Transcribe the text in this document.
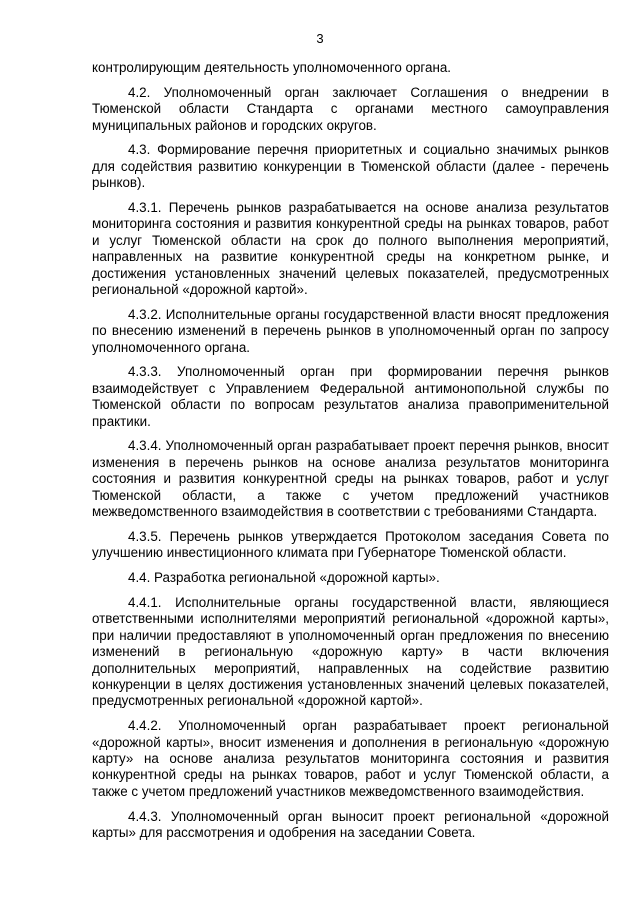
3

контролирующим деятельность уполномоченного органа.

4.2. Уполномоченный орган заключает Соглашения о внедрении в Тюменской области Стандарта с органами местного самоуправления муниципальных районов и городских округов.

4.3. Формирование перечня приоритетных и социально значимых рынков для содействия развитию конкуренции в Тюменской области (далее - перечень рынков).

4.3.1. Перечень рынков разрабатывается на основе анализа результатов мониторинга состояния и развития конкурентной среды на рынках товаров, работ и услуг Тюменской области на срок до полного выполнения мероприятий, направленных на развитие конкурентной среды на конкретном рынке, и достижения установленных значений целевых показателей, предусмотренных региональной «дорожной картой».

4.3.2. Исполнительные органы государственной власти вносят предложения по внесению изменений в перечень рынков в уполномоченный орган по запросу уполномоченного органа.

4.3.3. Уполномоченный орган при формировании перечня рынков взаимодействует с Управлением Федеральной антимонопольной службы по Тюменской области по вопросам результатов анализа правоприменительной практики.

4.3.4. Уполномоченный орган разрабатывает проект перечня рынков, вносит изменения в перечень рынков на основе анализа результатов мониторинга состояния и развития конкурентной среды на рынках товаров, работ и услуг Тюменской области, а также с учетом предложений участников межведомственного взаимодействия в соответствии с требованиями Стандарта.

4.3.5. Перечень рынков утверждается Протоколом заседания Совета по улучшению инвестиционного климата при Губернаторе Тюменской области.

4.4. Разработка региональной «дорожной карты».

4.4.1. Исполнительные органы государственной власти, являющиеся ответственными исполнителями мероприятий региональной «дорожной карты», при наличии предоставляют в уполномоченный орган предложения по внесению изменений в региональную «дорожную карту» в части включения дополнительных мероприятий, направленных на содействие развитию конкуренции в целях достижения установленных значений целевых показателей, предусмотренных региональной «дорожной картой».

4.4.2. Уполномоченный орган разрабатывает проект региональной «дорожной карты», вносит изменения и дополнения в региональную «дорожную карту» на основе анализа результатов мониторинга состояния и развития конкурентной среды на рынках товаров, работ и услуг Тюменской области, а также с учетом предложений участников межведомственного взаимодействия.

4.4.3. Уполномоченный орган выносит проект региональной «дорожной карты» для рассмотрения и одобрения на заседании Совета.
